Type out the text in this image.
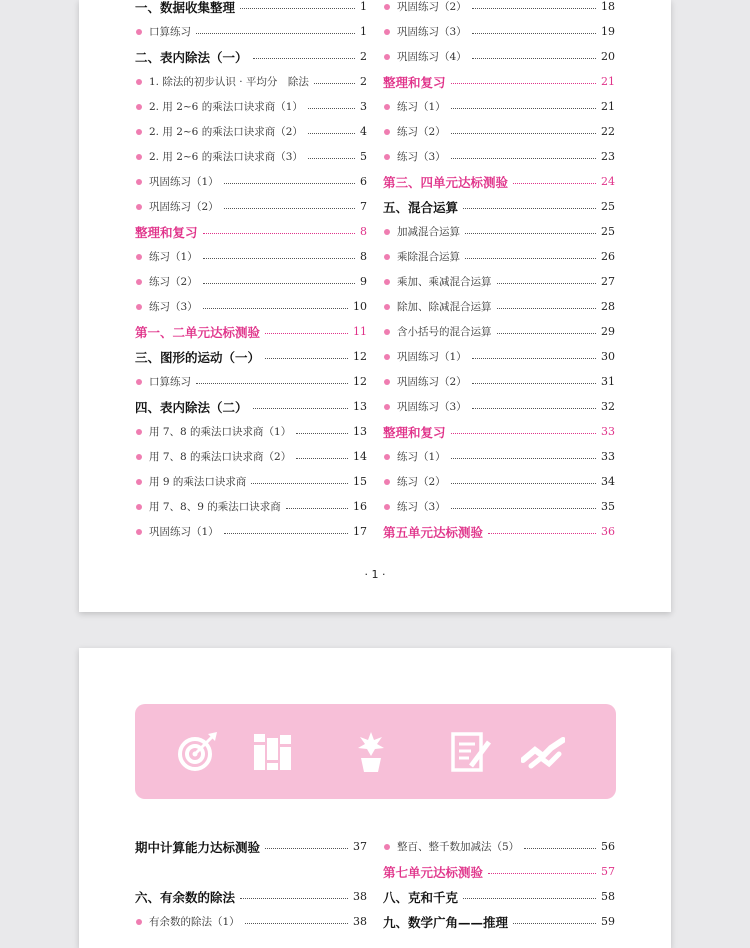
一、数据收集整理	1
口算练习	1
二、表内除法（一）	2
1. 除法的初步认识 · 平均分　除法	2
2. 用 2~6 的乘法口诀求商（1）	3
2. 用 2~6 的乘法口诀求商（2）	4
2. 用 2~6 的乘法口诀求商（3）	5
巩固练习（1）	6
巩固练习（2）	7
整理和复习	8
练习（1）	8
练习（2）	9
练习（3）	10
第一、二单元达标测验	11
三、图形的运动（一）	12
口算练习	12
四、表内除法（二）	13
用 7、8 的乘法口诀求商（1）	13
用 7、8 的乘法口诀求商（2）	14
用 9 的乘法口诀求商	15
用 7、8、9 的乘法口诀求商	16
巩固练习（1）	17
巩固练习（2）	18
巩固练习（3）	19
巩固练习（4）	20
整理和复习	21
练习（1）	21
练习（2）	22
练习（3）	23
第三、四单元达标测验	24
五、混合运算	25
加减混合运算	25
乘除混合运算	26
乘加、乘减混合运算	27
除加、除减混合运算	28
含小括号的混合运算	29
巩固练习（1）	30
巩固练习（2）	31
巩固练习（3）	32
整理和复习	33
练习（1）	33
练习（2）	34
练习（3）	35
第五单元达标测验	36
· 1 ·
期中计算能力达标测验	37
六、有余数的除法	38
有余数的除法（1）	38
整百、整千数加减法（5）	56
第七单元达标测验	57
八、克和千克	58
九、数学广角——推理	59
